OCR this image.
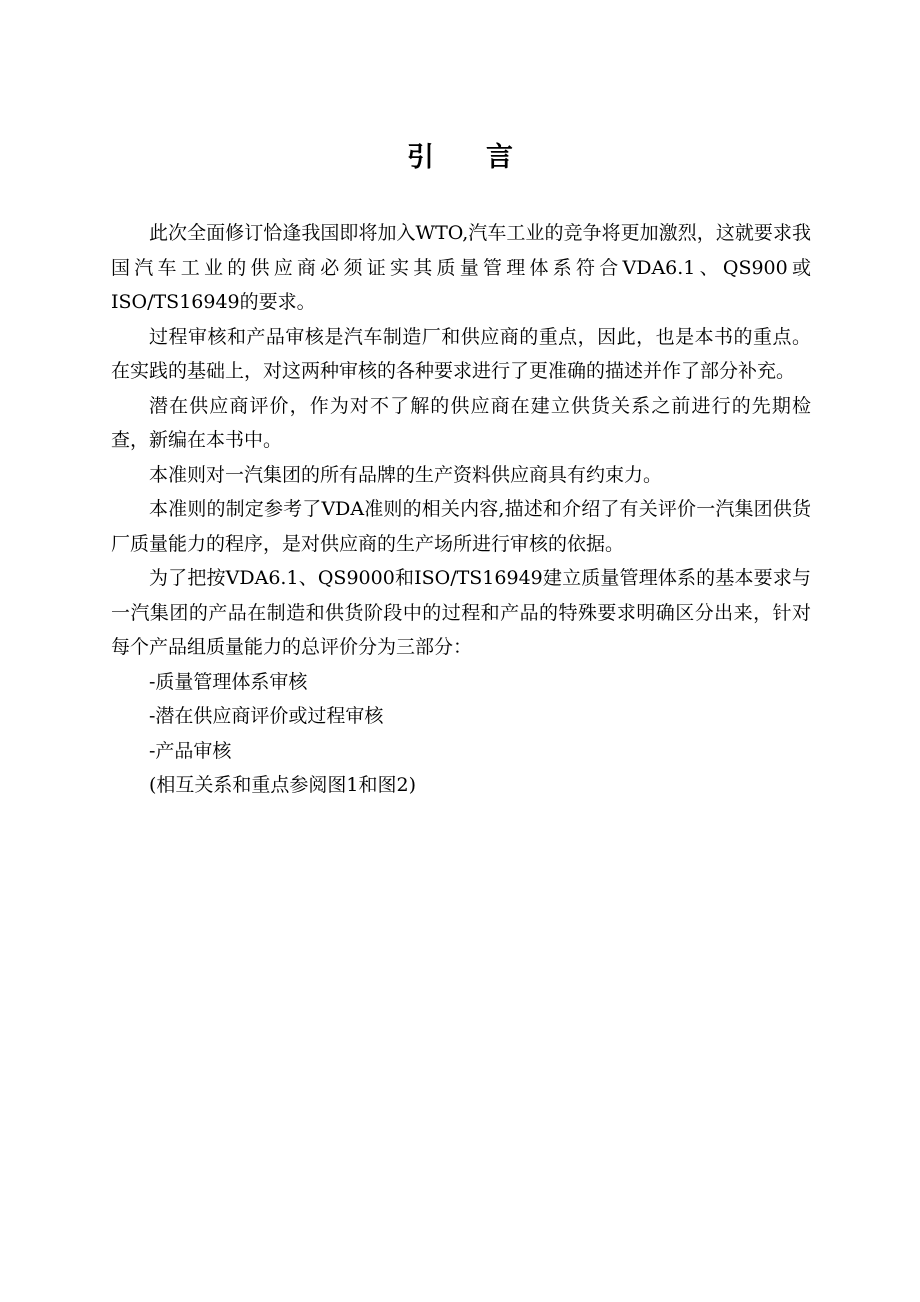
引言

此次全面修订恰逢我国即将加入WTO,汽车工业的竞争将更加激烈，这就要求我国汽车工业的供应商必须证实其质量管理体系符合VDA6.1、QS900或ISO/TS16949的要求。

过程审核和产品审核是汽车制造厂和供应商的重点，因此，也是本书的重点。在实践的基础上，对这两种审核的各种要求进行了更准确的描述并作了部分补充。

潜在供应商评价，作为对不了解的供应商在建立供货关系之前进行的先期检查，新编在本书中。

本准则对一汽集团的所有品牌的生产资料供应商具有约束力。

本准则的制定参考了VDA准则的相关内容,描述和介绍了有关评价一汽集团供货厂质量能力的程序，是对供应商的生产场所进行审核的依据。

为了把按VDA6.1、QS9000和ISO/TS16949建立质量管理体系的基本要求与一汽集团的产品在制造和供货阶段中的过程和产品的特殊要求明确区分出来，针对每个产品组质量能力的总评价分为三部分：

-质量管理体系审核

-潜在供应商评价或过程审核

-产品审核

(相互关系和重点参阅图1和图2)
